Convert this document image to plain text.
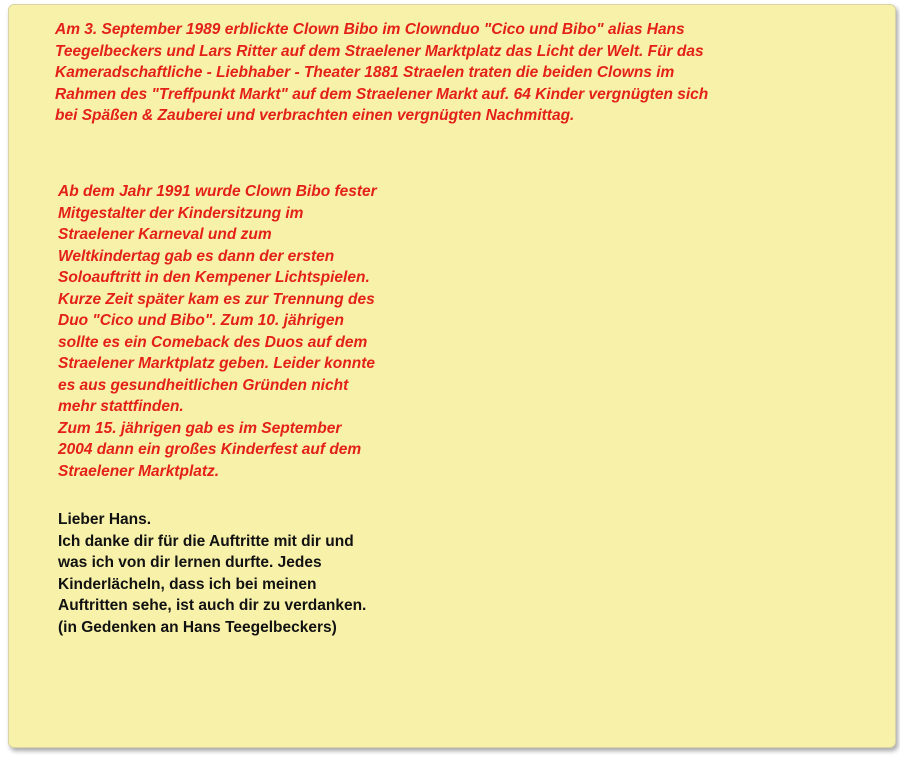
Am 3. September 1989 erblickte Clown Bibo im Clownduo "Cico und Bibo" alias Hans
Teegelbeckers und Lars Ritter auf dem Straelener Marktplatz das Licht der Welt. Für das
Kameradschaftliche - Liebhaber - Theater 1881 Straelen traten die beiden Clowns im
Rahmen des "Treffpunkt Markt" auf dem Straelener Markt auf. 64 Kinder vergnügten sich
bei Späßen & Zauberei und verbrachten einen vergnügten Nachmittag.

Ab dem Jahr 1991 wurde Clown Bibo fester
Mitgestalter der Kindersitzung im
Straelener Karneval und zum
Weltkindertag gab es dann der ersten
Soloauftritt in den Kempener Lichtspielen.
Kurze Zeit später kam es zur Trennung des
Duo "Cico und Bibo". Zum 10. jährigen
sollte es ein Comeback des Duos auf dem
Straelener Marktplatz geben. Leider konnte
es aus gesundheitlichen Gründen nicht
mehr stattfinden.
Zum 15. jährigen gab es im September
2004 dann ein großes Kinderfest auf dem
Straelener Marktplatz.

Lieber Hans.
Ich danke dir für die Auftritte mit dir und
was ich von dir lernen durfte. Jedes
Kinderlächeln, dass ich bei meinen
Auftritten sehe, ist auch dir zu verdanken.
(in Gedenken an Hans Teegelbeckers)
